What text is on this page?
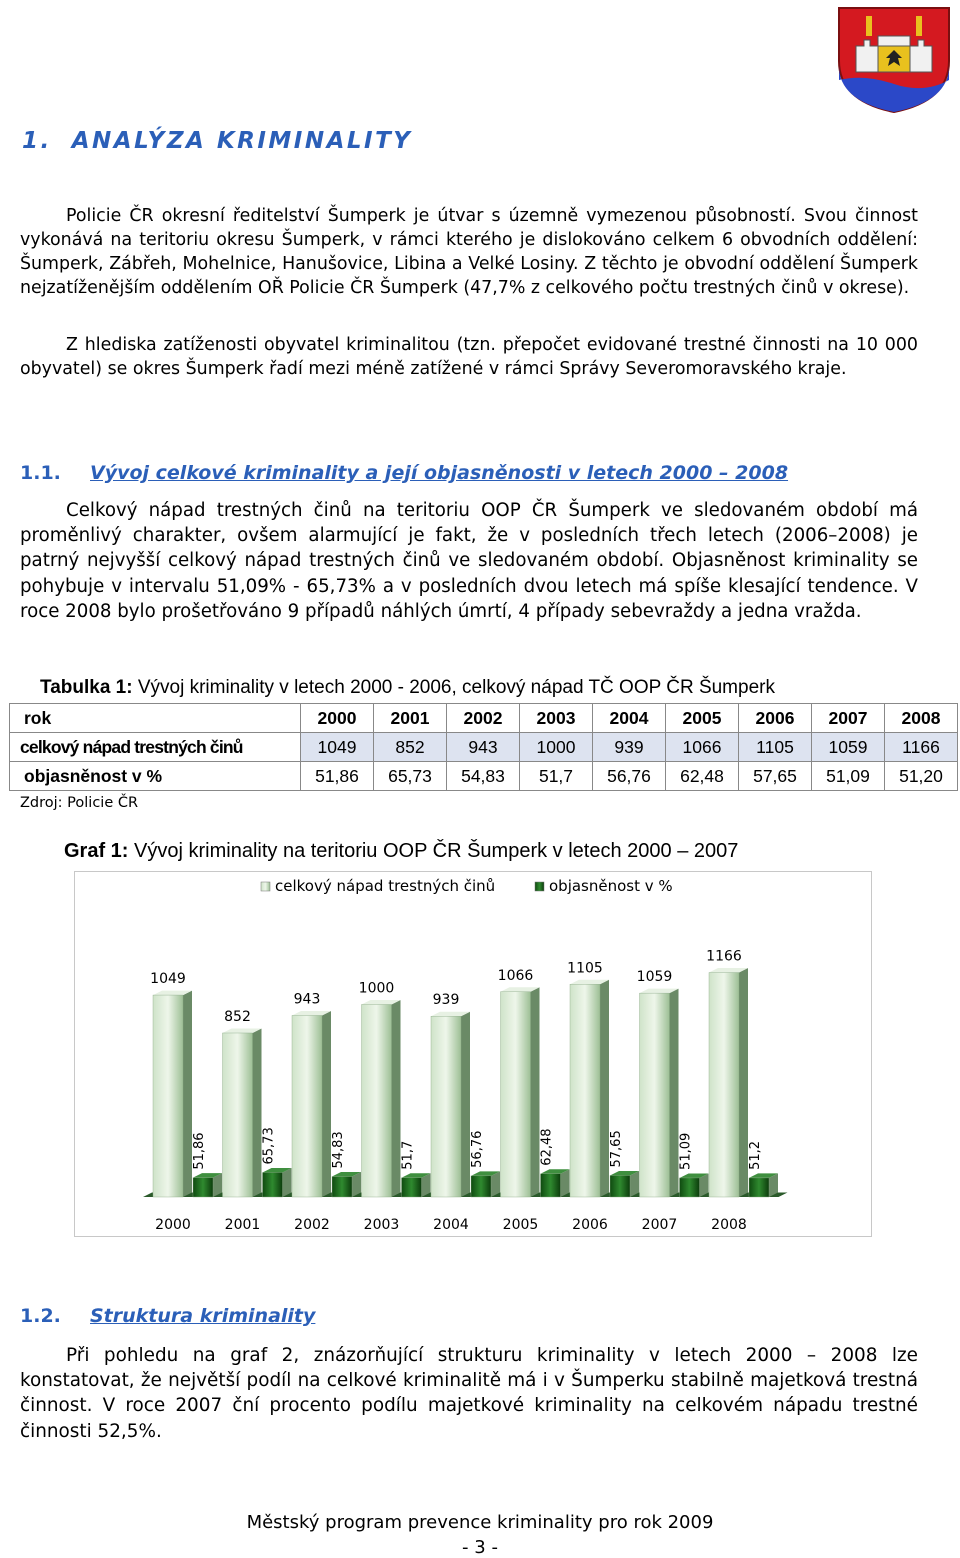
1. ANALÝZA KRIMINALITY
Policie ČR okresní ředitelství Šumperk je útvar s územně vymezenou působností. Svou činnost vykonává na teritoriu okresu Šumperk, v rámci kterého je dislokováno celkem 6 obvodních oddělení: Šumperk, Zábřeh, Mohelnice, Hanušovice, Libina a Velké Losiny. Z těchto je obvodní oddělení Šumperk nejzatíženějším oddělením OŘ Policie ČR Šumperk (47,7% z celkového počtu trestných činů v okrese).
Z hlediska zatíženosti obyvatel kriminalitou (tzn. přepočet evidované trestné činnosti na 10 000 obyvatel) se okres Šumperk řadí mezi méně zatížené v rámci Správy Severomoravského kraje.
1.1. Vývoj celkové kriminality a její objasněnosti v letech 2000 – 2008
Celkový nápad trestných činů na teritoriu OOP ČR Šumperk ve sledovaném období má proměnlivý charakter, ovšem alarmující je fakt, že v posledních třech letech (2006–2008) je patrný nejvyšší celkový nápad trestných činů ve sledovaném období. Objasněnost kriminality se pohybuje v intervalu 51,09% - 65,73% a v posledních dvou letech má spíše klesající tendence. V roce 2008 bylo prošetřováno 9 případů náhlých úmrtí, 4 případy sebevraždy a jedna vražda.
Tabulka 1: Vývoj kriminality v letech 2000 - 2006, celkový nápad TČ OOP ČR Šumperk
rok	2000	2001	2002	2003	2004	2005	2006	2007	2008
celkový nápad trestných činů	1049	852	943	1000	939	1066	1105	1059	1166
objasněnost v %	51,86	65,73	54,83	51,7	56,76	62,48	57,65	51,09	51,20
Zdroj: Policie ČR
Graf 1: Vývoj kriminality na teritoriu OOP ČR Šumperk v letech 2000 – 2007
celkový nápad trestných činů	objasněnost v %
1049
51,86
852
65,73
943
54,83
1000
51,7
939
56,76
1066
62,48
1105
57,65
1059
51,09
1166
51,2
2000 2001 2002 2003 2004 2005 2006 2007 2008
1.2. Struktura kriminality
Při pohledu na graf 2, znázorňující strukturu kriminality v letech 2000 – 2008 lze konstatovat, že největší podíl na celkové kriminalitě má i v Šumperku stabilně majetková trestná činnost. V roce 2007 ční procento podílu majetkové kriminality na celkovém nápadu trestné činnosti 52,5%.
Městský program prevence kriminality pro rok 2009
- 3 -
